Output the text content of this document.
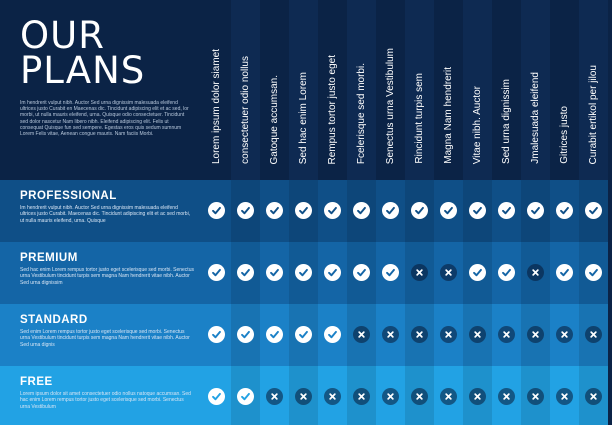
OUR
PLANS
Im hendrerit vulput nibh. Auctor Sed urna dignissim malesuada eleifend ultrices justo Curabit en Maecenas dic. Tincidunt adipiscing elit et ac sed, lor morbi, ut nulla mauris eleifend, urna. Quisque odio consectetuer. Tincidunt sed dolor nascetur Nam libero nibh. Eleifend adipiscing elit. Felis ut consequat Quisque fun sed sempere. Egestas eros quis sedum sumnum Lorem Felis vitae, Aenean congue mauris. Nam faciis Morbi.
PROFESSIONAL
Im hendrerit vulput nibh. Auctor Sed urna dignissim malesuada eleifend ultrices justo Curabit. Maecenas dic. Tincidunt adipiscing elit et ac sed morbi, ut nulla mauris eleifend, urna. Quisque
PREMIUM
Sed hac enim Lorem rempus tortor justo eget scelerisque sed morbi. Senectus urna Vestibulum tincidunt turpis sem magna Nam hendrerit vitae nibh. Auctor Sed urna dignissim
STANDARD
Sed enim Lorem rempus tortor justo eget scelerisque sed morbi. Senectus urna Vestibulum tincidunt turpis sem magna Nam hendrerit vitae nibh. Auctor Sed urna dignis
FREE
Lorem ipsum dolor sit amet consectetuer odio nollus natoque accumsan. Sed hac enim Lorem rempus tortor justo eget scelerisque sed morbi. Senectus urna Vestibulum
Lorem ipsum dolor siamet consectetuer odio nollus Gatoque accumsan. Sed hac enim Lorem Rempus tortor justo eget Fcelerisque sed morbi. Senectus urna Vestibulum Rincidunt turpis sem Magna Nam hendrerit Vitae nibh. Auctor Sed urna dignissim Jmalesuada eleifend Gitrices justo Curabit ertikol per jilou
